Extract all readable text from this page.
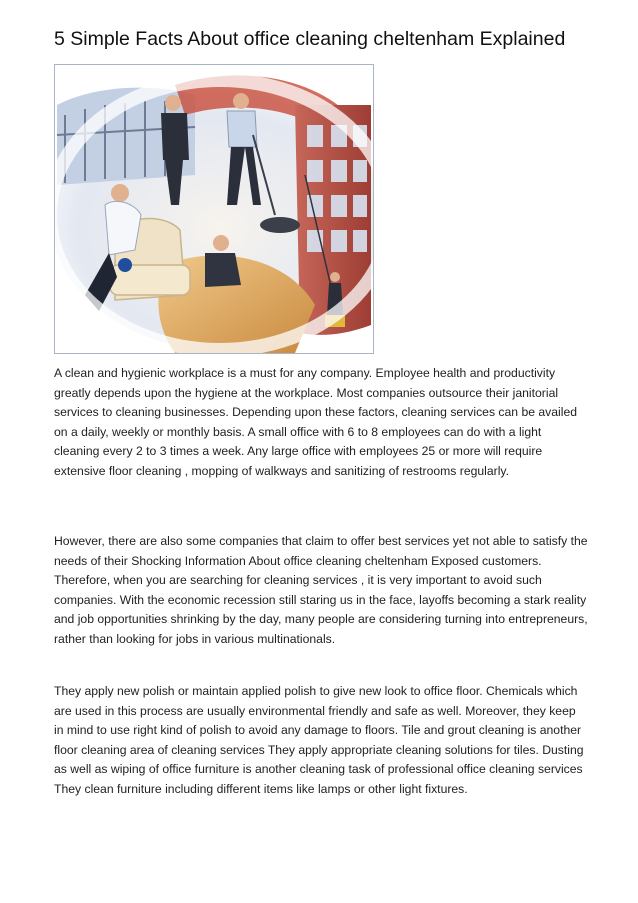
5 Simple Facts About office cleaning cheltenham Explained

A clean and hygienic workplace is a must for any company. Employee health and productivity greatly depends upon the hygiene at the workplace. Most companies outsource their janitorial services to cleaning businesses. Depending upon these factors, cleaning services can be availed on a daily, weekly or monthly basis. A small office with 6 to 8 employees can do with a light cleaning every 2 to 3 times a week. Any large office with employees 25 or more will require extensive floor cleaning , mopping of walkways and sanitizing of restrooms regularly.

However, there are also some companies that claim to offer best services yet not able to satisfy the needs of their Shocking Information About office cleaning cheltenham Exposed customers. Therefore, when you are searching for cleaning services , it is very important to avoid such companies. With the economic recession still staring us in the face, layoffs becoming a stark reality and job opportunities shrinking by the day, many people are considering turning into entrepreneurs, rather than looking for jobs in various multinationals.

They apply new polish or maintain applied polish to give new look to office floor. Chemicals which are used in this process are usually environmental friendly and safe as well. Moreover, they keep in mind to use right kind of polish to avoid any damage to floors. Tile and grout cleaning is another floor cleaning area of cleaning services They apply appropriate cleaning solutions for tiles. Dusting as well as wiping of office furniture is another cleaning task of professional office cleaning services They clean furniture including different items like lamps or other light fixtures.
